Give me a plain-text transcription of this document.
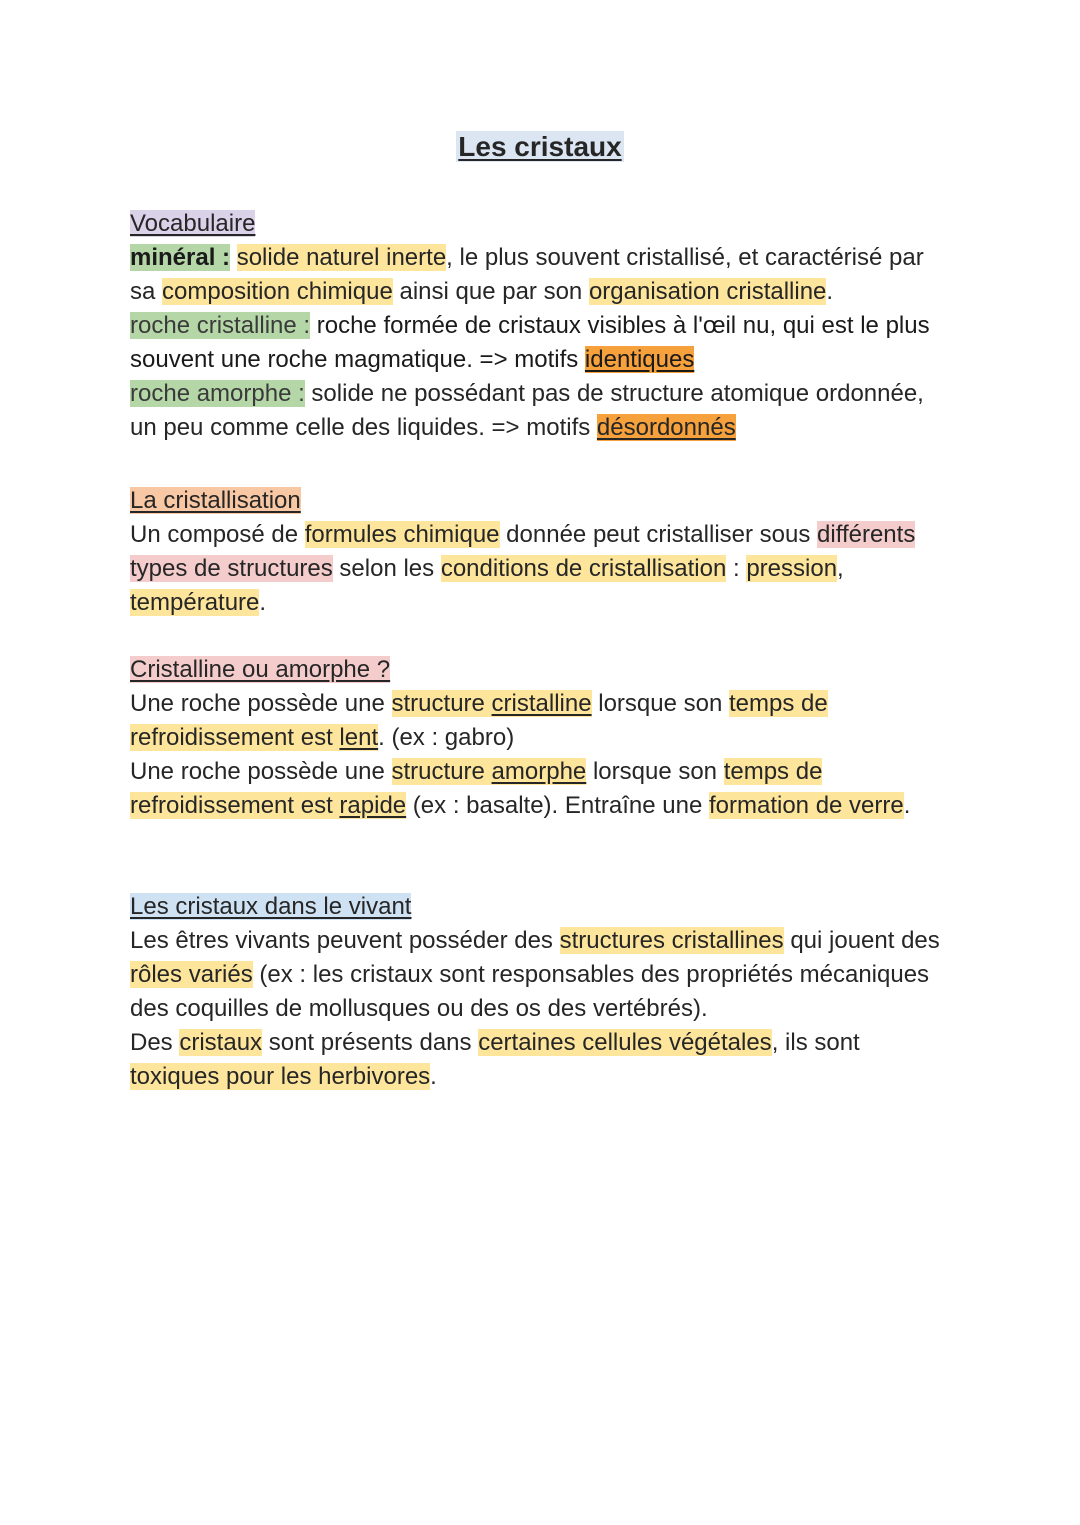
Les cristaux
Vocabulaire

minéral : solide naturel inerte, le plus souvent cristallisé, et caractérisé par sa composition chimique ainsi que par son organisation cristalline.

roche cristalline : roche formée de cristaux visibles à l'œil nu, qui est le plus souvent une roche magmatique. => motifs identiques

roche amorphe : solide ne possédant pas de structure atomique ordonnée, un peu comme celle des liquides. => motifs désordonnés

La cristallisation

Un composé de formules chimique donnée peut cristalliser sous différents types de structures selon les conditions de cristallisation : pression, température.

Cristalline ou amorphe ?

Une roche possède une structure cristalline lorsque son temps de refroidissement est lent. (ex : gabro)

Une roche possède une structure amorphe lorsque son temps de refroidissement est rapide (ex : basalte). Entraîne une formation de verre.

Les cristaux dans le vivant

Les êtres vivants peuvent posséder des structures cristallines qui jouent des rôles variés (ex : les cristaux sont responsables des propriétés mécaniques des coquilles de mollusques ou des os des vertébrés).

Des cristaux sont présents dans certaines cellules végétales, ils sont toxiques pour les herbivores.
